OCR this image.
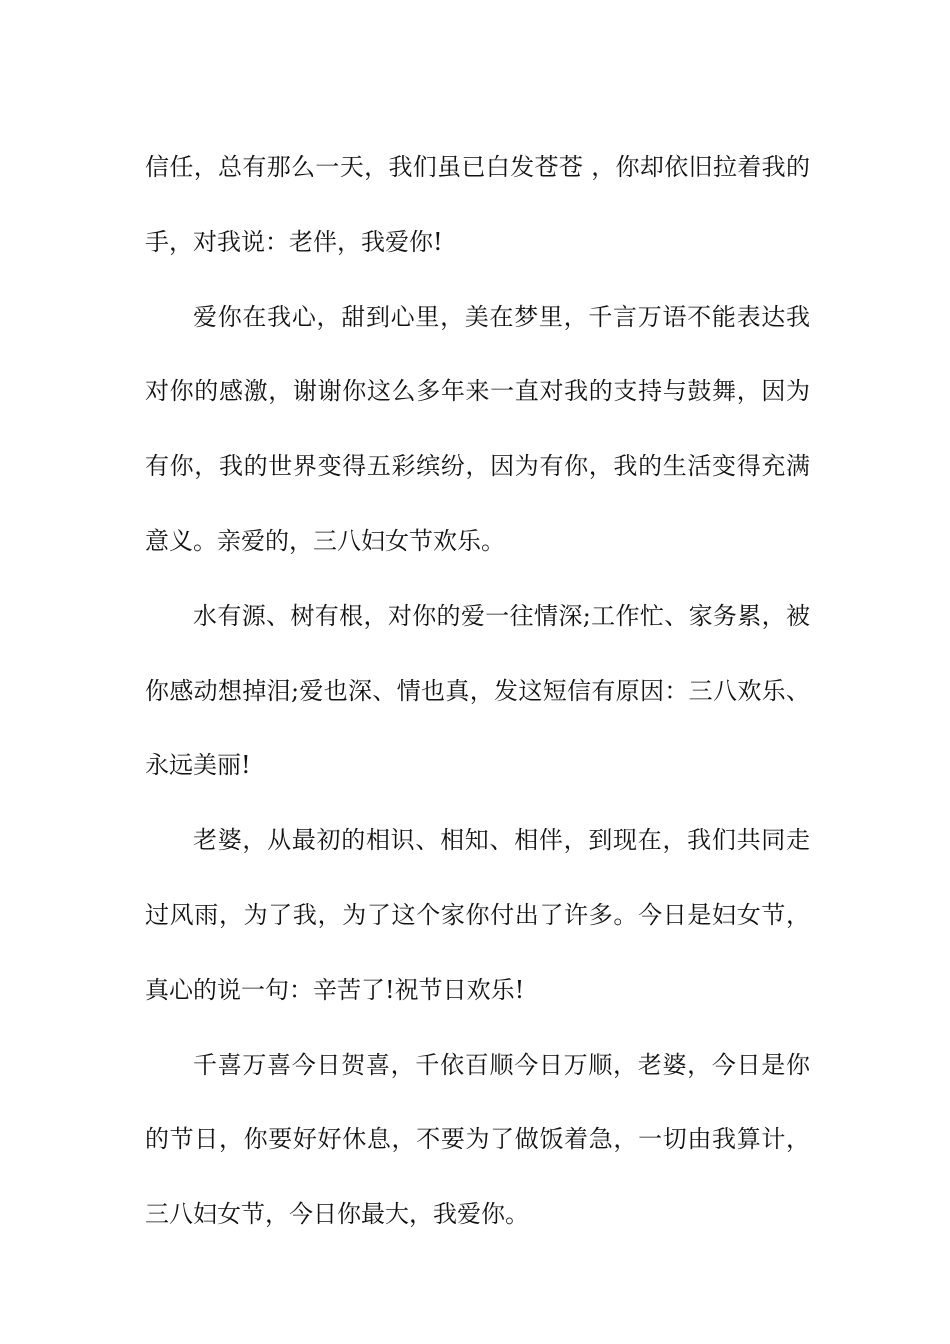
信任，总有那么一天，我们虽已白发苍苍 ，你却依旧拉着我的
手，对我说：老伴，我爱你!
爱你在我心，甜到心里，美在梦里，千言万语不能表达我
对你的感激，谢谢你这么多年来一直对我的支持与鼓舞，因为
有你，我的世界变得五彩缤纷，因为有你，我的生活变得充满
意义。亲爱的，三八妇女节欢乐。
水有源、树有根，对你的爱一往情深;工作忙、家务累，被
你感动想掉泪;爱也深、情也真，发这短信有原因：三八欢乐、
永远美丽!
老婆，从最初的相识、相知、相伴，到现在，我们共同走
过风雨，为了我，为了这个家你付出了许多。今日是妇女节，
真心的说一句：辛苦了!祝节日欢乐!
千喜万喜今日贺喜，千依百顺今日万顺，老婆，今日是你
的节日，你要好好休息，不要为了做饭着急，一切由我算计，
三八妇女节，今日你最大，我爱你。
